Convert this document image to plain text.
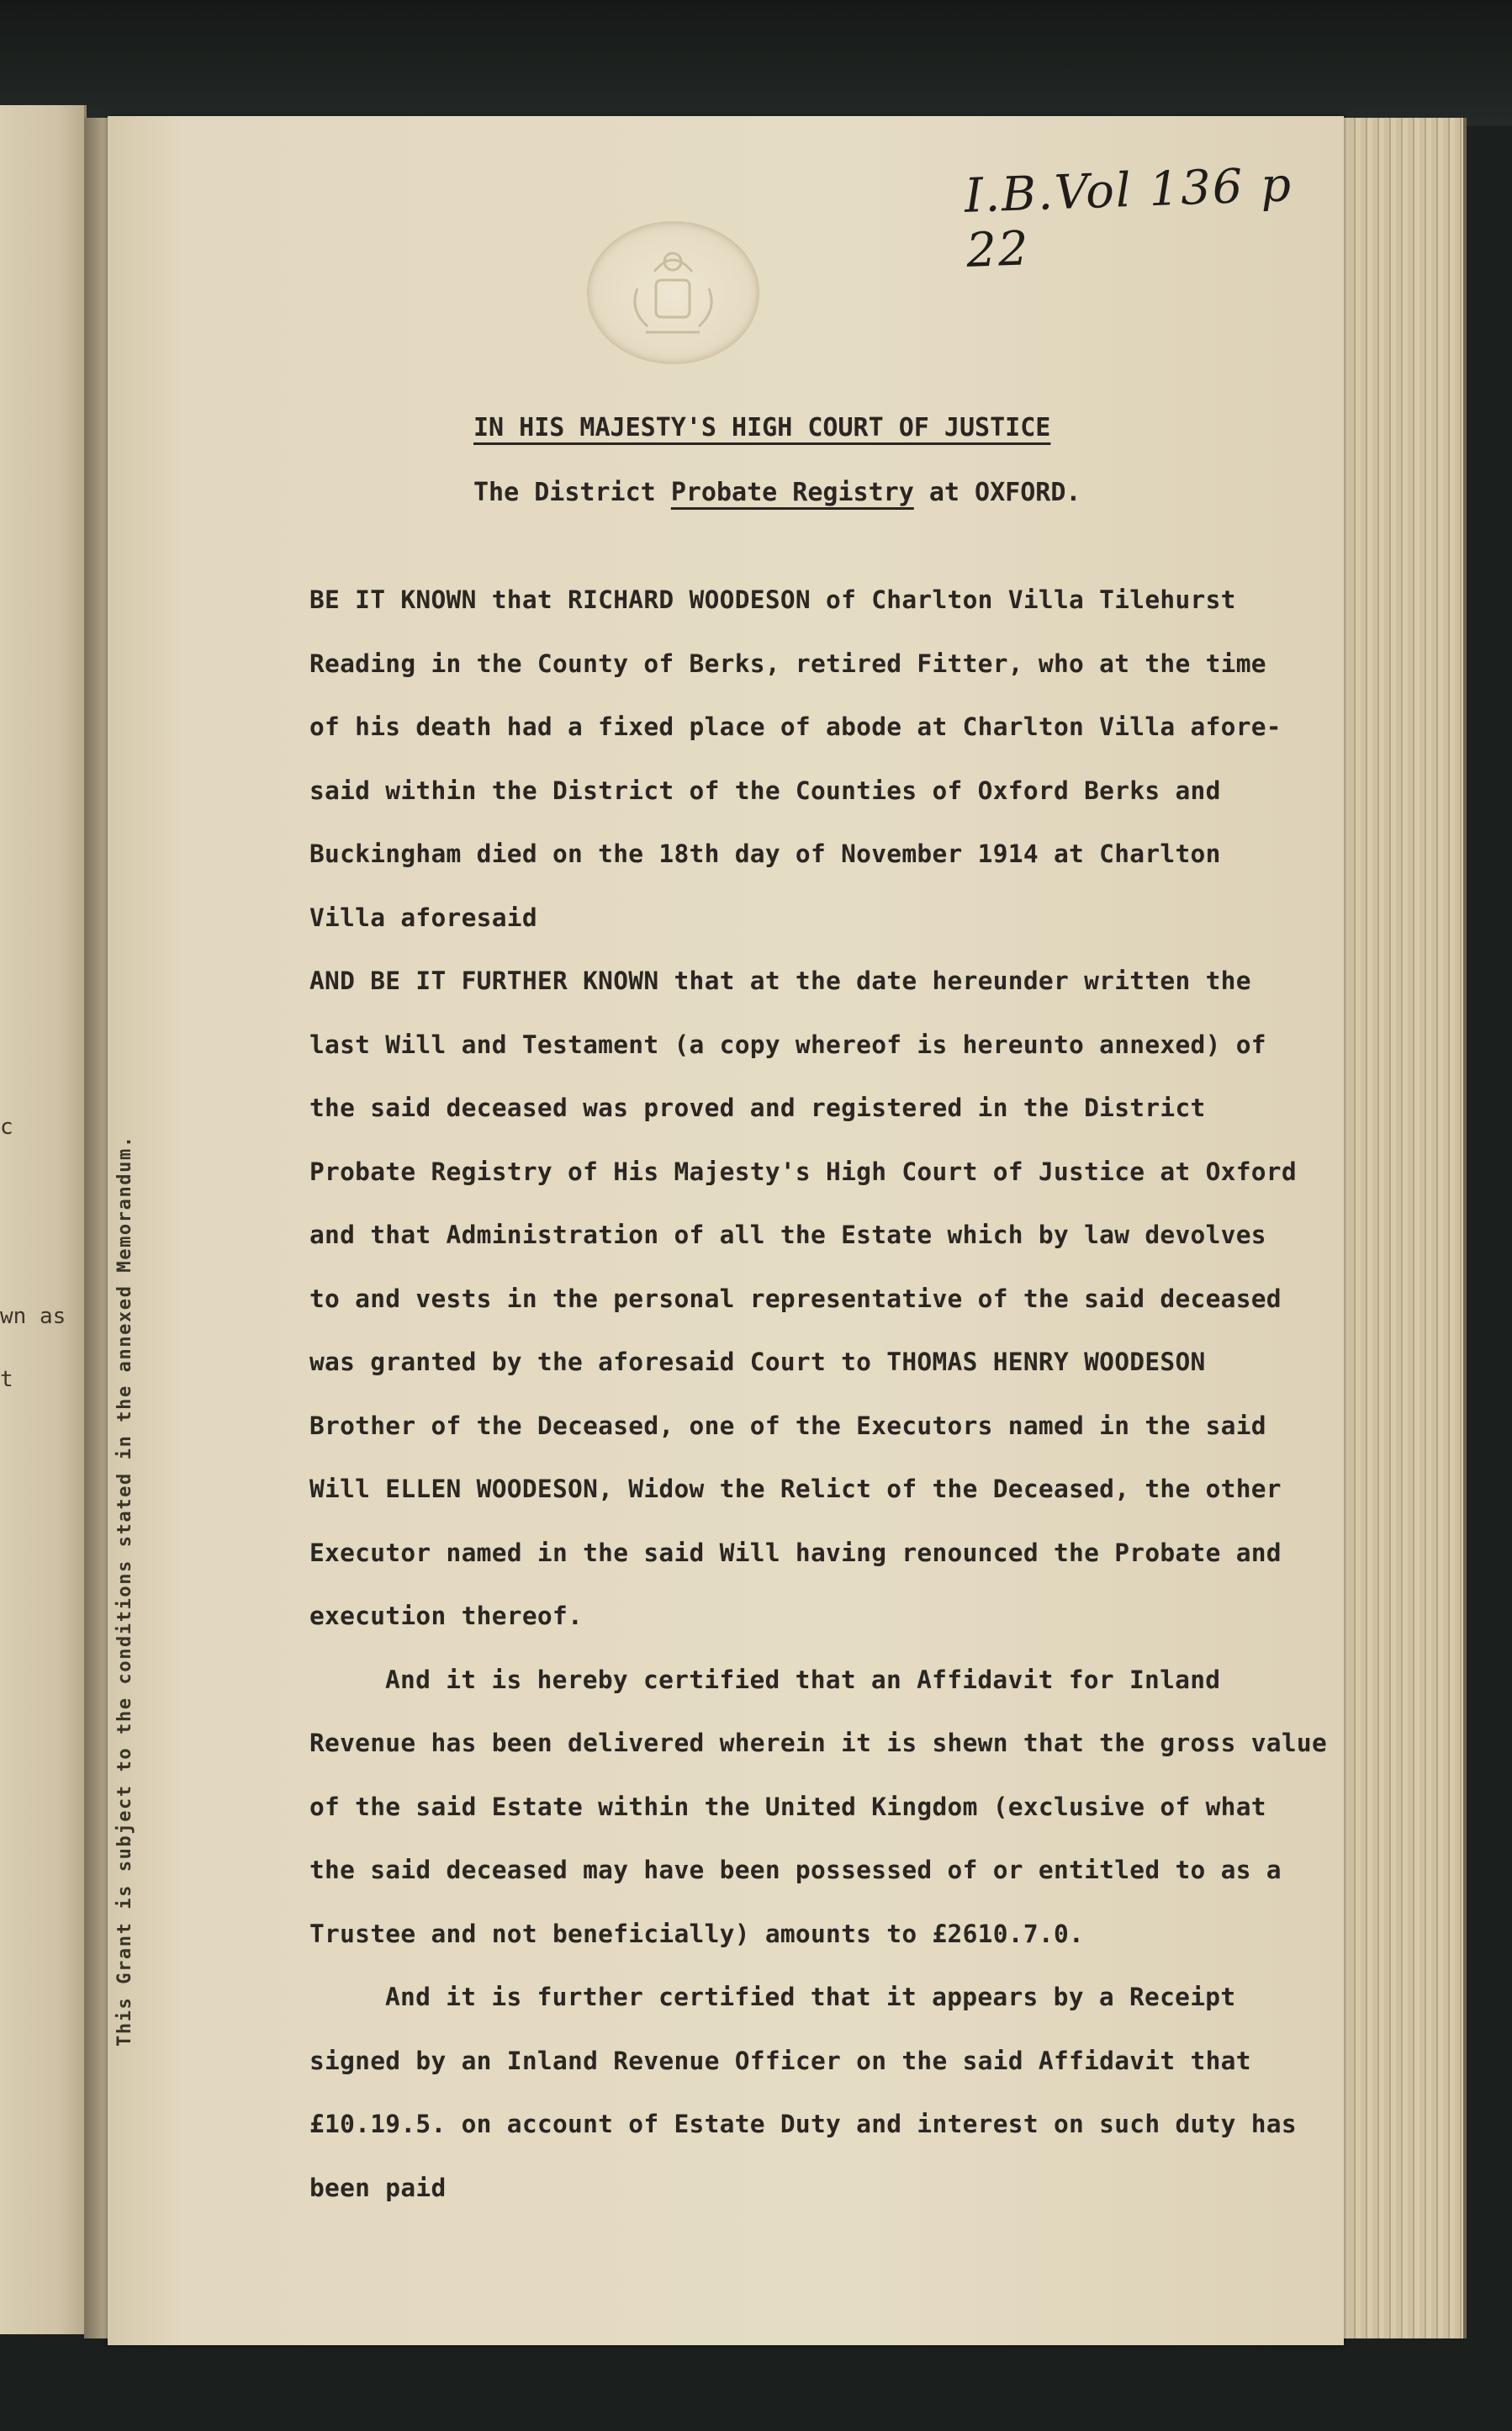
c
wn as
t
I.B.Vol 136 p 22
This Grant is subject to the conditions stated in the annexed Memorandum.
IN HIS MAJESTY'S HIGH COURT OF JUSTICE
The District Probate Registry at OXFORD.
BE IT KNOWN that RICHARD WOODESON of Charlton Villa Tilehurst
Reading in the County of Berks, retired Fitter, who at the time
of his death had a fixed place of abode at Charlton Villa afore-
said within the District of the Counties of Oxford Berks and
Buckingham died on the 18th day of November 1914 at Charlton
Villa aforesaid
AND BE IT FURTHER KNOWN that at the date hereunder written the
last Will and Testament (a copy whereof is hereunto annexed) of
the said deceased was proved and registered in the District
Probate Registry of His Majesty's High Court of Justice at Oxford
and that Administration of all the Estate which by law devolves
to and vests in the personal representative of the said deceased
was granted by the aforesaid Court to THOMAS HENRY WOODESON
Brother of the Deceased, one of the Executors named in the said
Will ELLEN WOODESON, Widow the Relict of the Deceased, the other
Executor named in the said Will having renounced the Probate and
execution thereof.
And it is hereby certified that an Affidavit for Inland
Revenue has been delivered wherein it is shewn that the gross value
of the said Estate within the United Kingdom (exclusive of what
the said deceased may have been possessed of or entitled to as a
Trustee and not beneficially) amounts to £2610.7.0.
And it is further certified that it appears by a Receipt
signed by an Inland Revenue Officer on the said Affidavit that
£10.19.5. on account of Estate Duty and interest on such duty has
been paid
